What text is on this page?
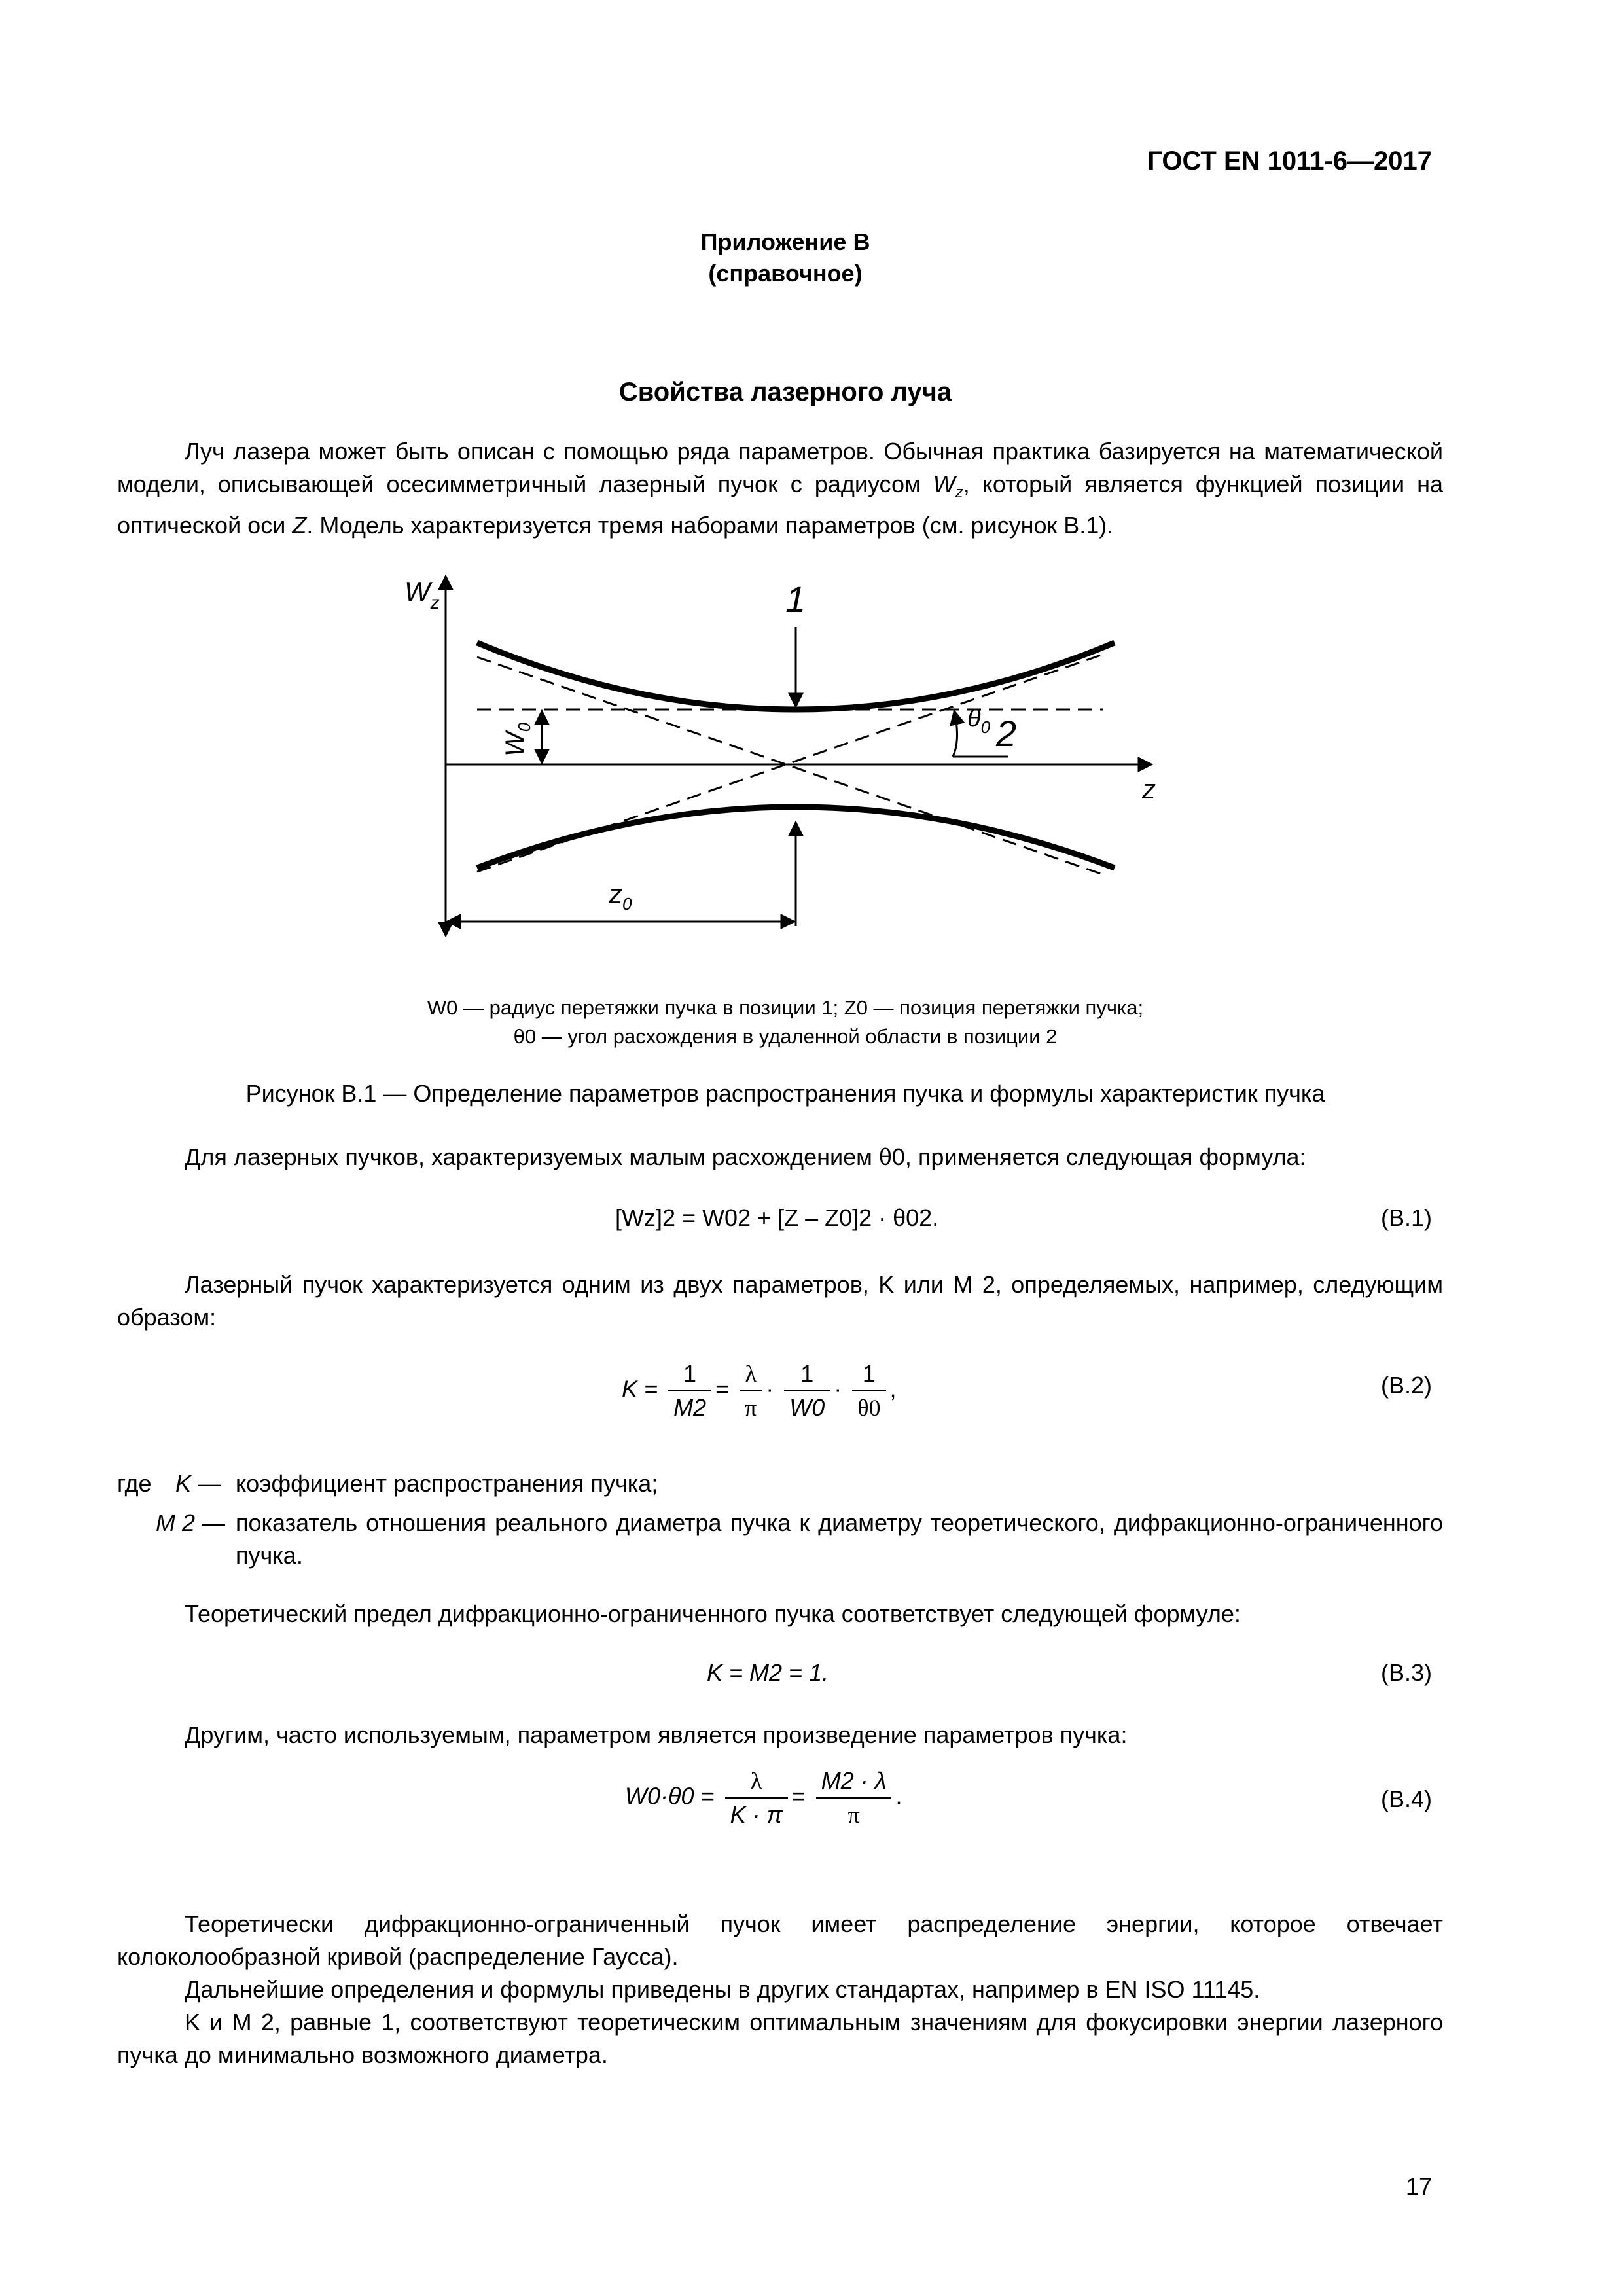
ГОСТ EN 1011-6—2017
Приложение В
(справочное)
Свойства лазерного луча
Луч лазера может быть описан с помощью ряда параметров. Обычная практика базируется на математической модели, описывающей осесимметричный лазерный пучок с радиусом $W_z$, который является функцией позиции на оптической оси Z. Модель характеризуется тремя наборами параметров (см. рисунок В.1).
$W_z$
z
1
2
$\theta_0$
$W_0$
$z_0$
W0 — радиус перетяжки пучка в позиции 1; Z0 — позиция перетяжки пучка;
θ0 — угол расхождения в удаленной области в позиции 2
Рисунок В.1 — Определение параметров распространения пучка и формулы характеристик пучка
Для лазерных пучков, характеризуемых малым расхождением θ0, применяется следующая формула:
[Wz]2 = W02 + [Z – Z0]2 · θ02.	(B.1)
Лазерный пучок характеризуется одним из двух параметров, K или M 2, определяемых, например, следующим образом:
$K = \frac{1}{M2} = \frac{\lambda}{\pi} \cdot \frac{1}{W0} \cdot \frac{1}{\theta 0}$ ,	(B.2)
где K — коэффициент распространения пучка;
M 2 — показатель отношения реального диаметра пучка к диаметру теоретического, дифракционно-ограниченного пучка.
Теоретический предел дифракционно-ограниченного пучка соответствует следующей формуле:
K = M2 = 1.	(B.3)
Другим, часто используемым, параметром является произведение параметров пучка:
$W0\cdot\theta 0 = \frac{\lambda}{K \cdot \pi} = \frac{M2 \cdot \lambda}{\pi}$ .	(B.4)
Теоретически дифракционно-ограниченный пучок имеет распределение энергии, которое отвечает колоколообразной кривой (распределение Гаусса).
Дальнейшие определения и формулы приведены в других стандартах, например в EN ISO 11145.
K и M 2, равные 1, соответствуют теоретическим оптимальным значениям для фокусировки энергии лазерного пучка до минимально возможного диаметра.
17
